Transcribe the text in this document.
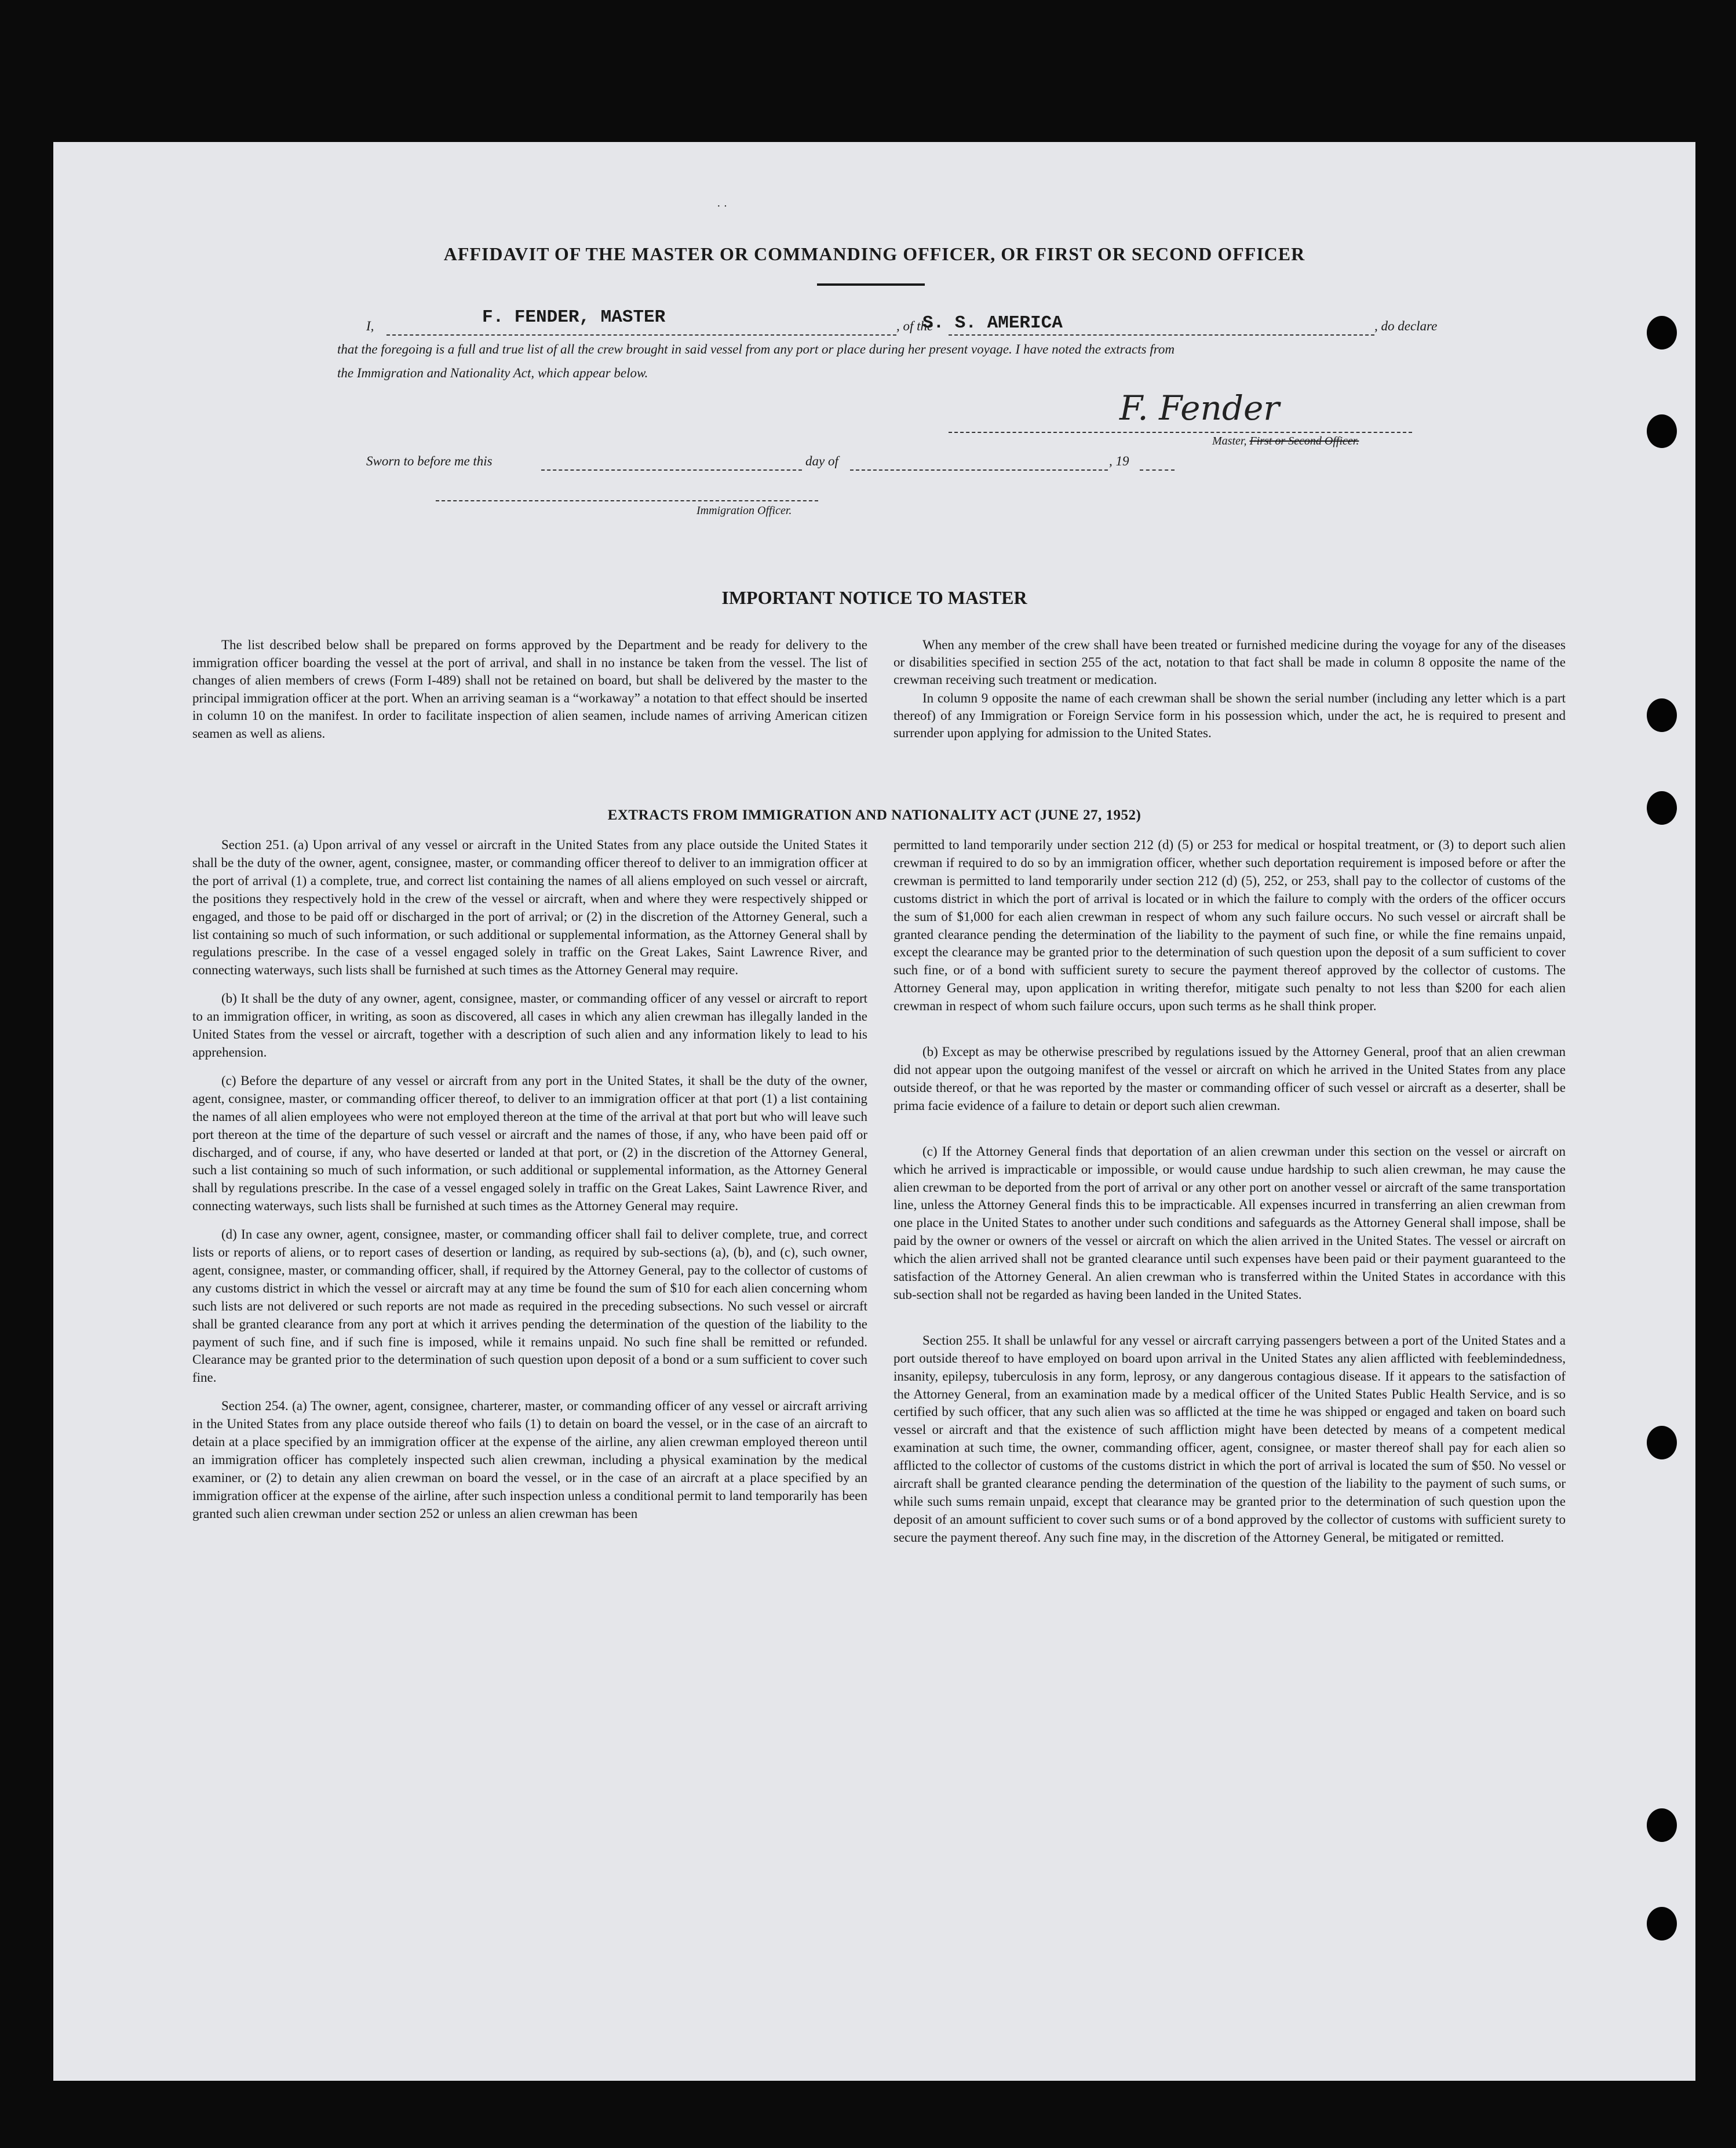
· ·
AFFIDAVIT OF THE MASTER OR COMMANDING OFFICER, OR FIRST OR SECOND OFFICER
I,	F. FENDER, MASTER	, of the
S. S. AMERICA	, do declare
that the foregoing is a full and true list of all the crew brought in said vessel from any port or place during her present voyage. I have noted the extracts from
the Immigration and Nationality Act, which appear below.
F. Fender
Master, First or Second Officer.
Sworn to before me this	day of	, 19
Immigration Officer.
IMPORTANT NOTICE TO MASTER

The list described below shall be prepared on forms approved by the Department and be ready for delivery to the immigration officer boarding the vessel at the port of arrival, and shall in no instance be taken from the vessel. The list of changes of alien members of crews (Form I-489) shall not be retained on board, but shall be delivered by the master to the principal immigration officer at the port. When an arriving seaman is a “workaway” a notation to that effect should be inserted in column 10 on the manifest. In order to facilitate inspection of alien seamen, include names of arriving American citizen seamen as well as aliens.

When any member of the crew shall have been treated or furnished medicine during the voyage for any of the diseases or disabilities specified in section 255 of the act, notation to that fact shall be made in column 8 opposite the name of the crewman receiving such treatment or medication.

In column 9 opposite the name of each crewman shall be shown the serial number (including any letter which is a part thereof) of any Immigration or Foreign Service form in his possession which, under the act, he is required to present and surrender upon applying for admission to the United States.

EXTRACTS FROM IMMIGRATION AND NATIONALITY ACT (JUNE 27, 1952)

Section 251. (a) Upon arrival of any vessel or aircraft in the United States from any place outside the United States it shall be the duty of the owner, agent, consignee, master, or commanding officer thereof to deliver to an immigration officer at the port of arrival (1) a complete, true, and correct list containing the names of all aliens employed on such vessel or aircraft, the positions they respectively hold in the crew of the vessel or aircraft, when and where they were respectively shipped or engaged, and those to be paid off or discharged in the port of arrival; or (2) in the discretion of the Attorney General, such a list containing so much of such information, or such additional or supplemental information, as the Attorney General shall by regulations prescribe. In the case of a vessel engaged solely in traffic on the Great Lakes, Saint Lawrence River, and connecting waterways, such lists shall be furnished at such times as the Attorney General may require.

(b) It shall be the duty of any owner, agent, consignee, master, or commanding officer of any vessel or aircraft to report to an immigration officer, in writing, as soon as discovered, all cases in which any alien crewman has illegally landed in the United States from the vessel or aircraft, together with a description of such alien and any information likely to lead to his apprehension.

(c) Before the departure of any vessel or aircraft from any port in the United States, it shall be the duty of the owner, agent, consignee, master, or commanding officer thereof, to deliver to an immigration officer at that port (1) a list containing the names of all alien employees who were not employed thereon at the time of the arrival at that port but who will leave such port thereon at the time of the departure of such vessel or aircraft and the names of those, if any, who have been paid off or discharged, and of course, if any, who have deserted or landed at that port, or (2) in the discretion of the Attorney General, such a list containing so much of such information, or such additional or supplemental information, as the Attorney General shall by regulations prescribe. In the case of a vessel engaged solely in traffic on the Great Lakes, Saint Lawrence River, and connecting waterways, such lists shall be furnished at such times as the Attorney General may require.

(d) In case any owner, agent, consignee, master, or commanding officer shall fail to deliver complete, true, and correct lists or reports of aliens, or to report cases of desertion or landing, as required by sub-sections (a), (b), and (c), such owner, agent, consignee, master, or commanding officer, shall, if required by the Attorney General, pay to the collector of customs of any customs district in which the vessel or aircraft may at any time be found the sum of $10 for each alien concerning whom such lists are not delivered or such reports are not made as required in the preceding subsections. No such vessel or aircraft shall be granted clearance from any port at which it arrives pending the determination of the question of the liability to the payment of such fine, and if such fine is imposed, while it remains unpaid. No such fine shall be remitted or refunded. Clearance may be granted prior to the determination of such question upon deposit of a bond or a sum sufficient to cover such fine.

Section 254. (a) The owner, agent, consignee, charterer, master, or commanding officer of any vessel or aircraft arriving in the United States from any place outside thereof who fails (1) to detain on board the vessel, or in the case of an aircraft to detain at a place specified by an immigration officer at the expense of the airline, any alien crewman employed thereon until an immigration officer has completely inspected such alien crewman, including a physical examination by the medical examiner, or (2) to detain any alien crewman on board the vessel, or in the case of an aircraft at a place specified by an immigration officer at the expense of the airline, after such inspection unless a conditional permit to land temporarily has been granted such alien crewman under section 252 or unless an alien crewman has been

permitted to land temporarily under section 212 (d) (5) or 253 for medical or hospital treatment, or (3) to deport such alien crewman if required to do so by an immigration officer, whether such deportation requirement is imposed before or after the crewman is permitted to land temporarily under section 212 (d) (5), 252, or 253, shall pay to the collector of customs of the customs district in which the port of arrival is located or in which the failure to comply with the orders of the officer occurs the sum of $1,000 for each alien crewman in respect of whom any such failure occurs. No such vessel or aircraft shall be granted clearance pending the determination of the liability to the payment of such fine, or while the fine remains unpaid, except the clearance may be granted prior to the determination of such question upon the deposit of a sum sufficient to cover such fine, or of a bond with sufficient surety to secure the payment thereof approved by the collector of customs. The Attorney General may, upon application in writing therefor, mitigate such penalty to not less than $200 for each alien crewman in respect of whom such failure occurs, upon such terms as he shall think proper.

(b) Except as may be otherwise prescribed by regulations issued by the Attorney General, proof that an alien crewman did not appear upon the outgoing manifest of the vessel or aircraft on which he arrived in the United States from any place outside thereof, or that he was reported by the master or commanding officer of such vessel or aircraft as a deserter, shall be prima facie evidence of a failure to detain or deport such alien crewman.

(c) If the Attorney General finds that deportation of an alien crewman under this section on the vessel or aircraft on which he arrived is impracticable or impossible, or would cause undue hardship to such alien crewman, he may cause the alien crewman to be deported from the port of arrival or any other port on another vessel or aircraft of the same transportation line, unless the Attorney General finds this to be impracticable. All expenses incurred in transferring an alien crewman from one place in the United States to another under such conditions and safeguards as the Attorney General shall impose, shall be paid by the owner or owners of the vessel or aircraft on which the alien arrived in the United States. The vessel or aircraft on which the alien arrived shall not be granted clearance until such expenses have been paid or their payment guaranteed to the satisfaction of the Attorney General. An alien crewman who is transferred within the United States in accordance with this sub-section shall not be regarded as having been landed in the United States.

Section 255. It shall be unlawful for any vessel or aircraft carrying passengers between a port of the United States and a port outside thereof to have employed on board upon arrival in the United States any alien afflicted with feeblemindedness, insanity, epilepsy, tuberculosis in any form, leprosy, or any dangerous contagious disease. If it appears to the satisfaction of the Attorney General, from an examination made by a medical officer of the United States Public Health Service, and is so certified by such officer, that any such alien was so afflicted at the time he was shipped or engaged and taken on board such vessel or aircraft and that the existence of such affliction might have been detected by means of a competent medical examination at such time, the owner, commanding officer, agent, consignee, or master thereof shall pay for each alien so afflicted to the collector of customs of the customs district in which the port of arrival is located the sum of $50. No vessel or aircraft shall be granted clearance pending the determination of the question of the liability to the payment of such sums, or while such sums remain unpaid, except that clearance may be granted prior to the determination of such question upon the deposit of an amount sufficient to cover such sums or of a bond approved by the collector of customs with sufficient surety to secure the payment thereof. Any such fine may, in the discretion of the Attorney General, be mitigated or remitted.
